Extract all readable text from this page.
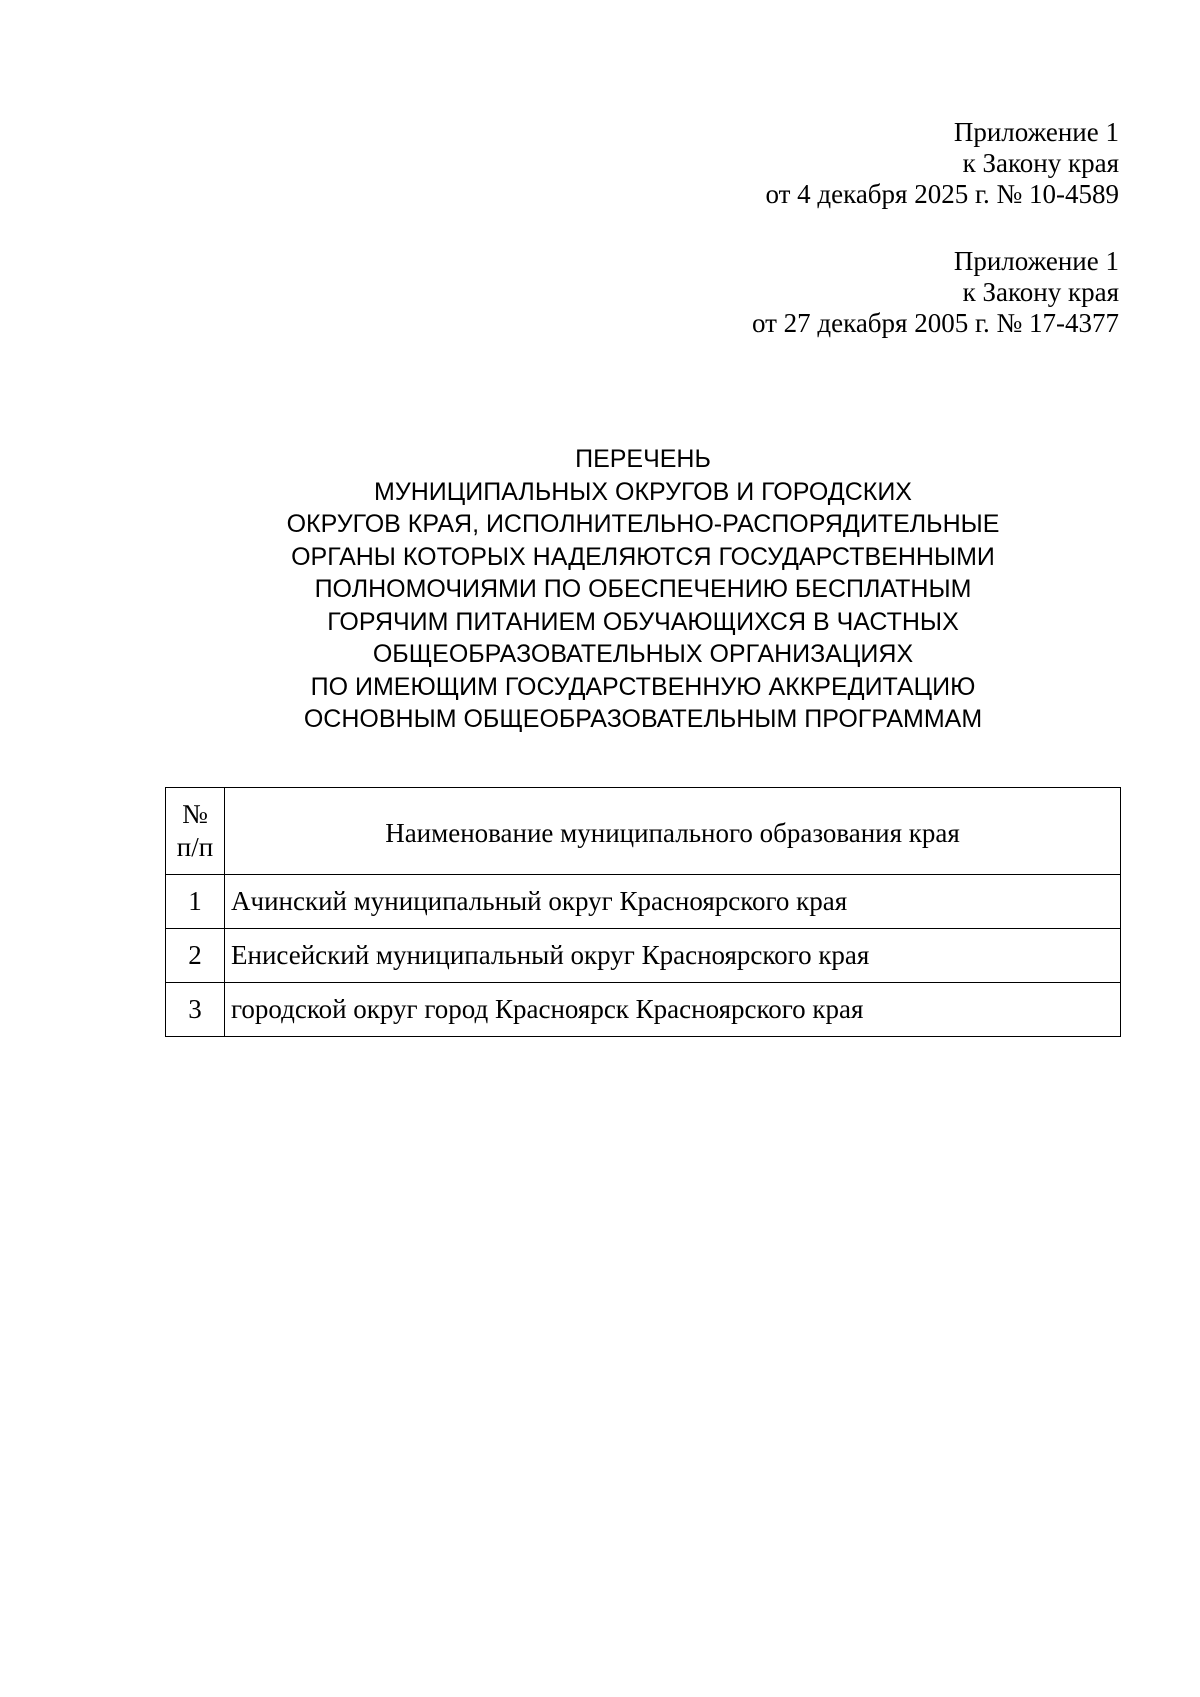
Приложение 1
к Закону края
от 4 декабря 2025 г. № 10-4589
Приложение 1
к Закону края
от 27 декабря 2005 г. № 17-4377
ПЕРЕЧЕНЬ
МУНИЦИПАЛЬНЫХ ОКРУГОВ И ГОРОДСКИХ
ОКРУГОВ КРАЯ, ИСПОЛНИТЕЛЬНО-РАСПОРЯДИТЕЛЬНЫЕ
ОРГАНЫ КОТОРЫХ НАДЕЛЯЮТСЯ ГОСУДАРСТВЕННЫМИ
ПОЛНОМОЧИЯМИ ПО ОБЕСПЕЧЕНИЮ БЕСПЛАТНЫМ
ГОРЯЧИМ ПИТАНИЕМ ОБУЧАЮЩИХСЯ В ЧАСТНЫХ
ОБЩЕОБРАЗОВАТЕЛЬНЫХ ОРГАНИЗАЦИЯХ
ПО ИМЕЮЩИМ ГОСУДАРСТВЕННУЮ АККРЕДИТАЦИЮ
ОСНОВНЫМ ОБЩЕОБРАЗОВАТЕЛЬНЫМ ПРОГРАММАМ
№
п/п	Наименование муниципального образования края
1	Ачинский муниципальный округ Красноярского края
2	Енисейский муниципальный округ Красноярского края
3	городской округ город Красноярск Красноярского края
